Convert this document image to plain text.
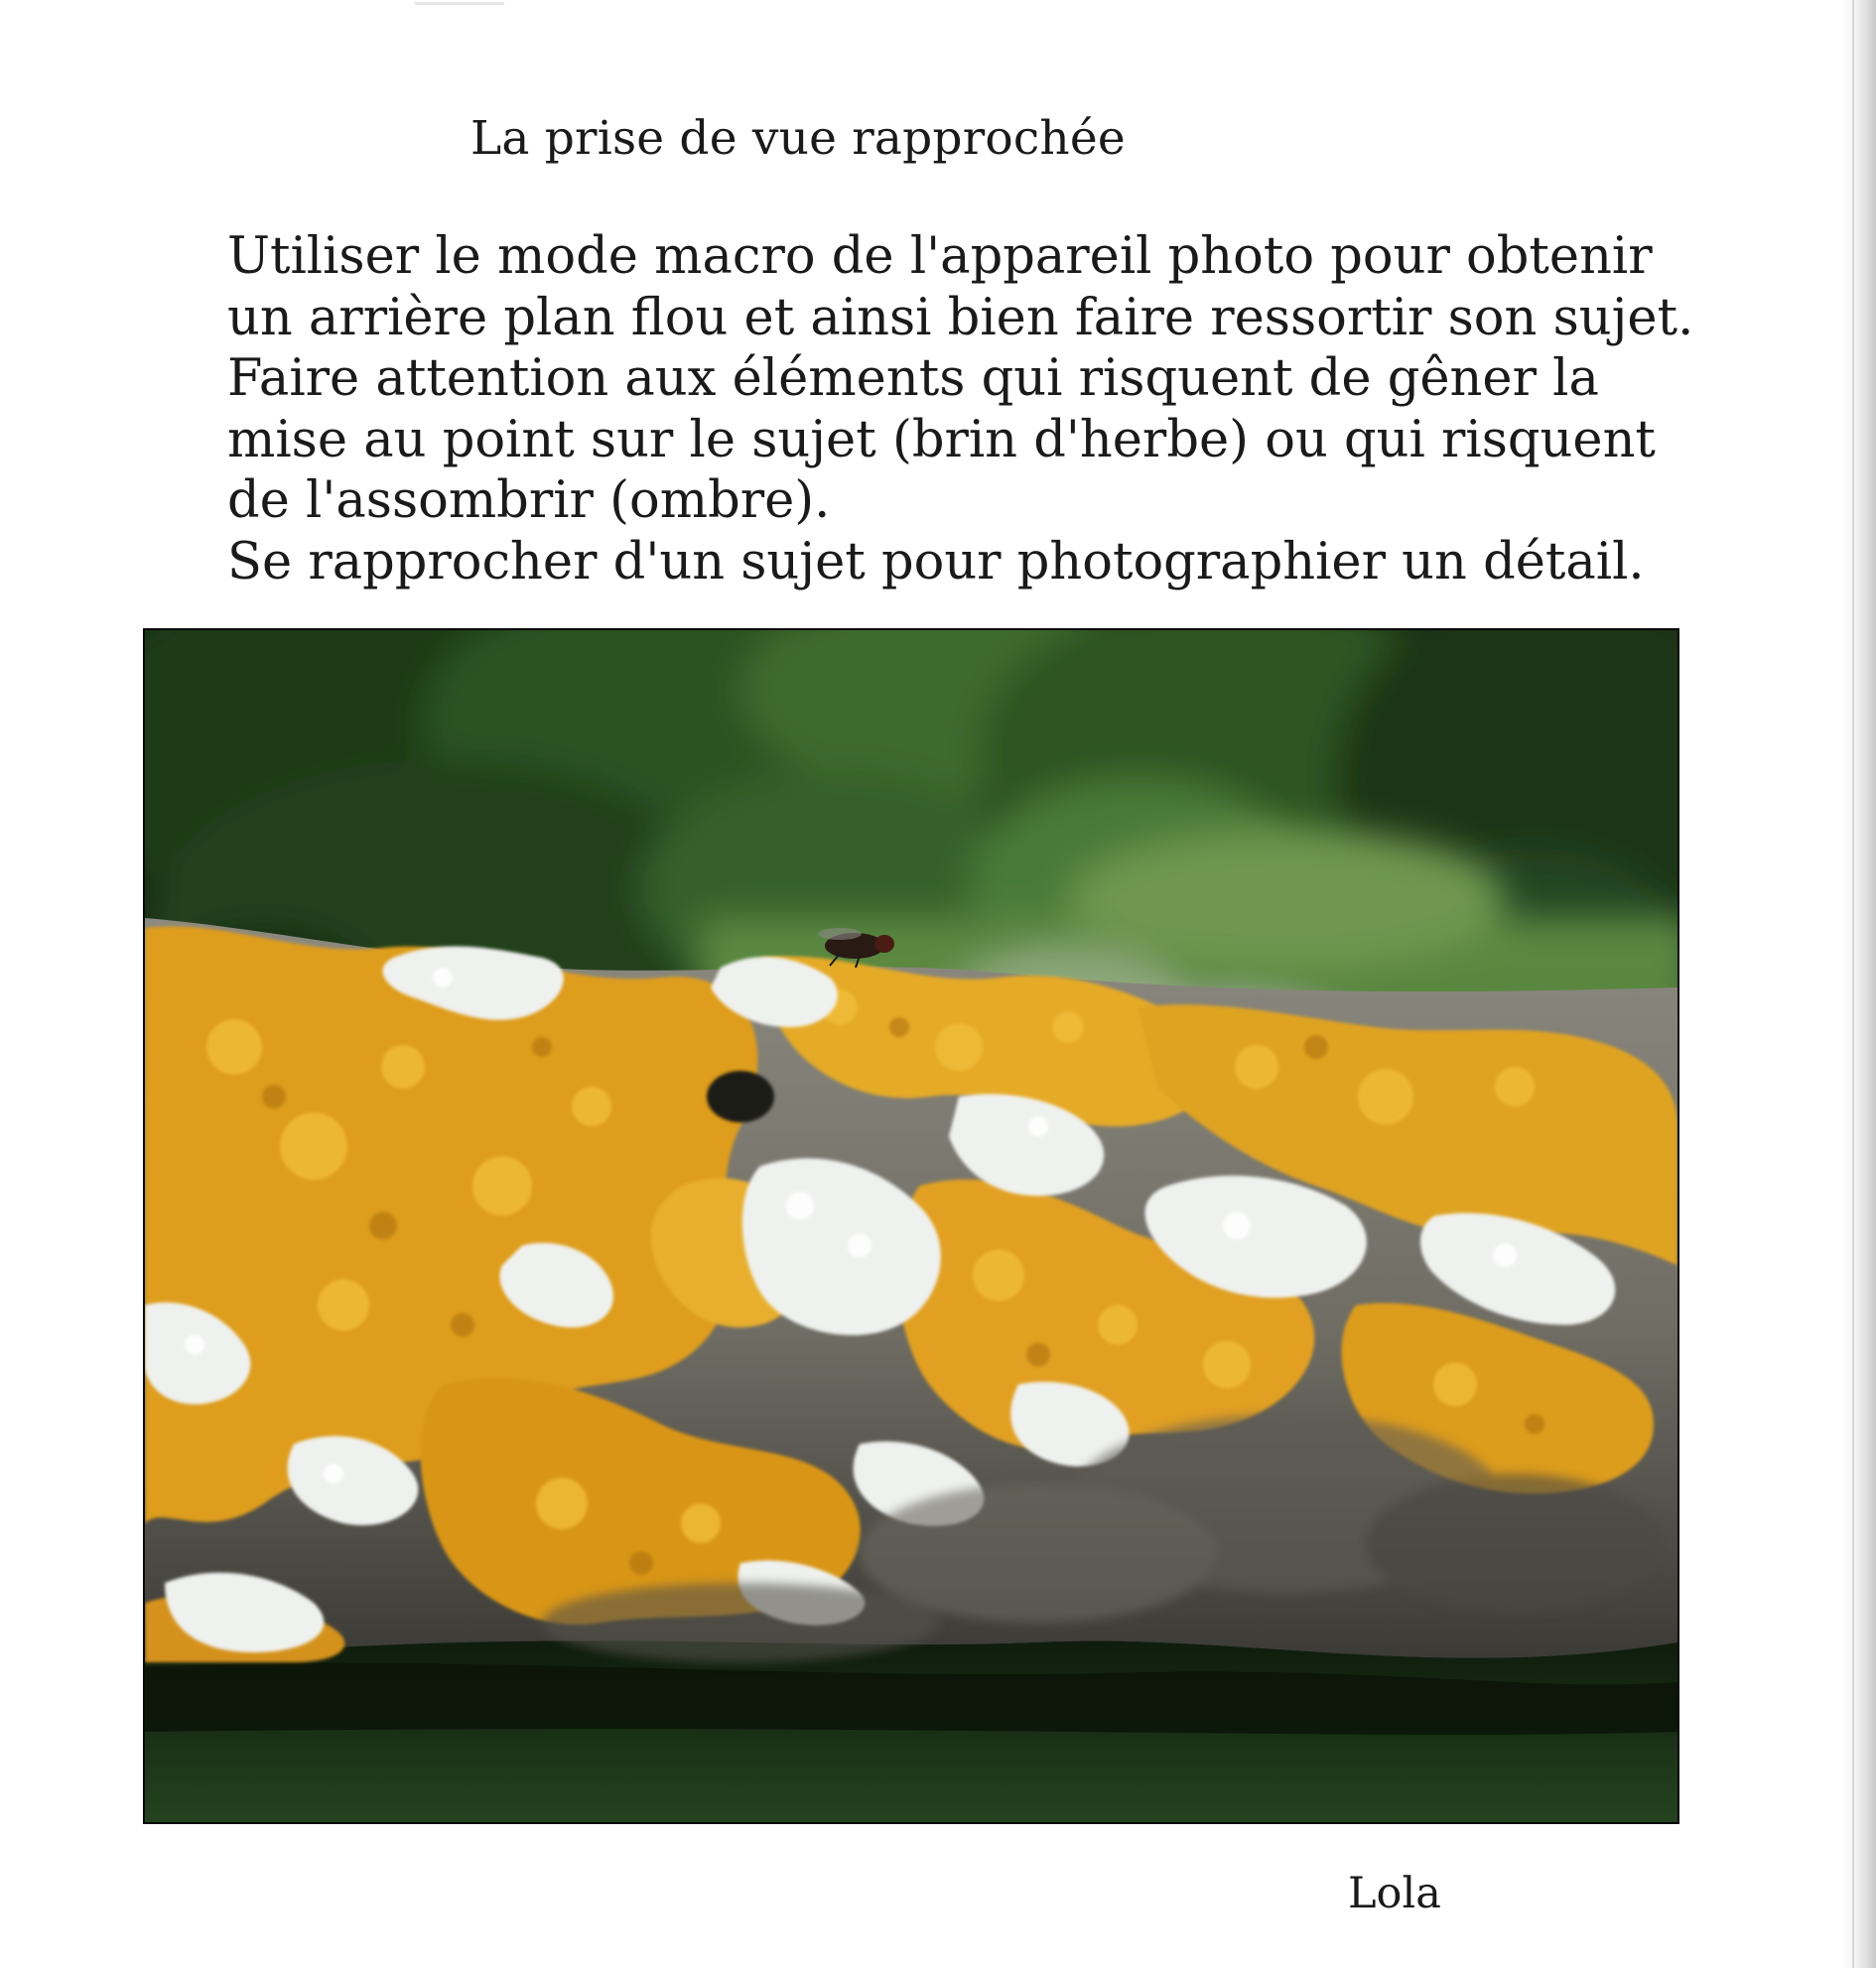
La prise de vue rapprochée
Utiliser le mode macro de l'appareil photo pour obtenir
un arrière plan flou et ainsi bien faire ressortir son sujet.
Faire attention aux éléments qui risquent de gêner la
mise au point sur le sujet (brin d'herbe) ou qui risquent
de l'assombrir (ombre).
Se rapprocher d'un sujet pour photographier un détail.
Lola
